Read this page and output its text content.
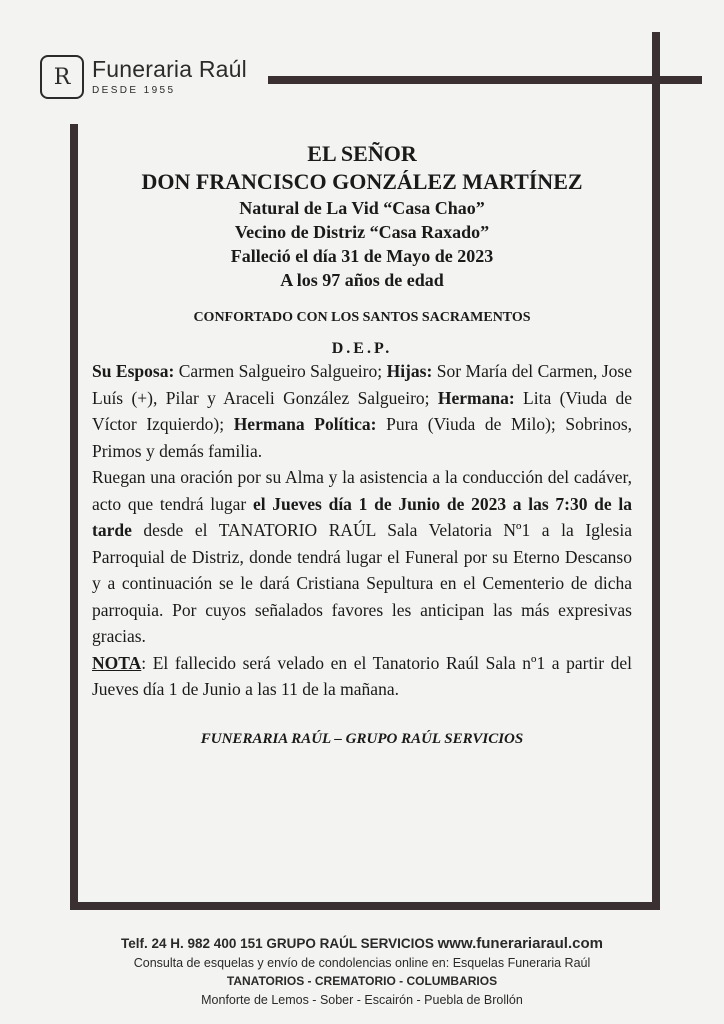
R Funeraria Raúl
DESDE 1955
EL SEÑOR
DON FRANCISCO GONZÁLEZ MARTÍNEZ
Natural de La Vid “Casa Chao”
Vecino de Distriz “Casa Raxado”
Falleció el día 31 de Mayo de 2023
A los 97 años de edad
CONFORTADO CON LOS SANTOS SACRAMENTOS
D.E.P.

Su Esposa: Carmen Salgueiro Salgueiro; Hijas: Sor María del Carmen, Jose Luís (+), Pilar y Araceli González Salgueiro; Hermana: Lita (Viuda de Víctor Izquierdo); Hermana Política: Pura (Viuda de Milo); Sobrinos, Primos y demás familia.

Ruegan una oración por su Alma y la asistencia a la conducción del cadáver, acto que tendrá lugar el Jueves día 1 de Junio de 2023 a las 7:30 de la tarde desde el TANATORIO RAÚL Sala Velatoria Nº1 a la Iglesia Parroquial de Distriz, donde tendrá lugar el Funeral por su Eterno Descanso y a continuación se le dará Cristiana Sepultura en el Cementerio de dicha parroquia. Por cuyos señalados favores les anticipan las más expresivas gracias.

NOTA: El fallecido será velado en el Tanatorio Raúl Sala nº1 a partir del Jueves día 1 de Junio a las 11 de la mañana.

FUNERARIA RAÚL – GRUPO RAÚL SERVICIOS
Telf. 24 H. 982 400 151 GRUPO RAÚL SERVICIOS www.funerariaraul.com
Consulta de esquelas y envío de condolencias online en: Esquelas Funeraria Raúl
TANATORIOS - CREMATORIO - COLUMBARIOS
Monforte de Lemos - Sober - Escairón - Puebla de Brollón
